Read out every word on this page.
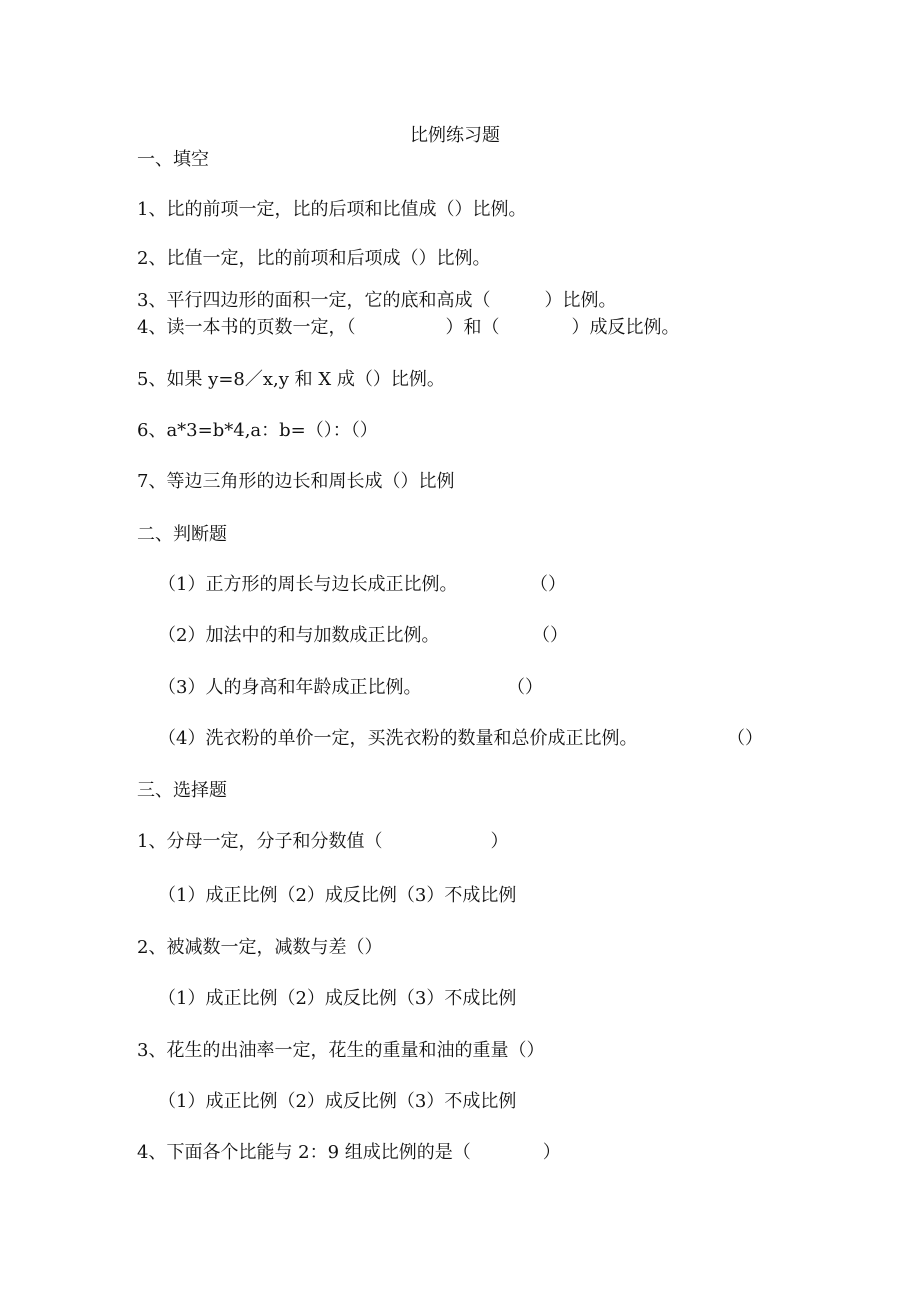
比例练习题
一、填空
1、比的前项一定，比的后项和比值成（）比例。
2、比值一定，比的前项和后项成（）比例。
3、平行四边形的面积一定，它的底和高成（　　　）比例。
4、读一本书的页数一定，（　　　　　）和（　　　　）成反比例。
5、如果 y=8／x,y 和 X 成（）比例。
6、a*3=b*4,a：b=（）：（）
7、等边三角形的边长和周长成（）比例
二、判断题
（1）正方形的周长与边长成正比例。	（）
（2）加法中的和与加数成正比例。	（）
（3）人的身高和年龄成正比例。	（）
（4）洗衣粉的单价一定，买洗衣粉的数量和总价成正比例。	（）
三、选择题
1、分母一定，分子和分数值（　　　　　　）
（1）成正比例（2）成反比例（3）不成比例
2、被减数一定，减数与差（）
（1）成正比例（2）成反比例（3）不成比例
3、花生的出油率一定，花生的重量和油的重量（）
（1）成正比例（2）成反比例（3）不成比例
4、下面各个比能与 2：9 组成比例的是（　　　　）
